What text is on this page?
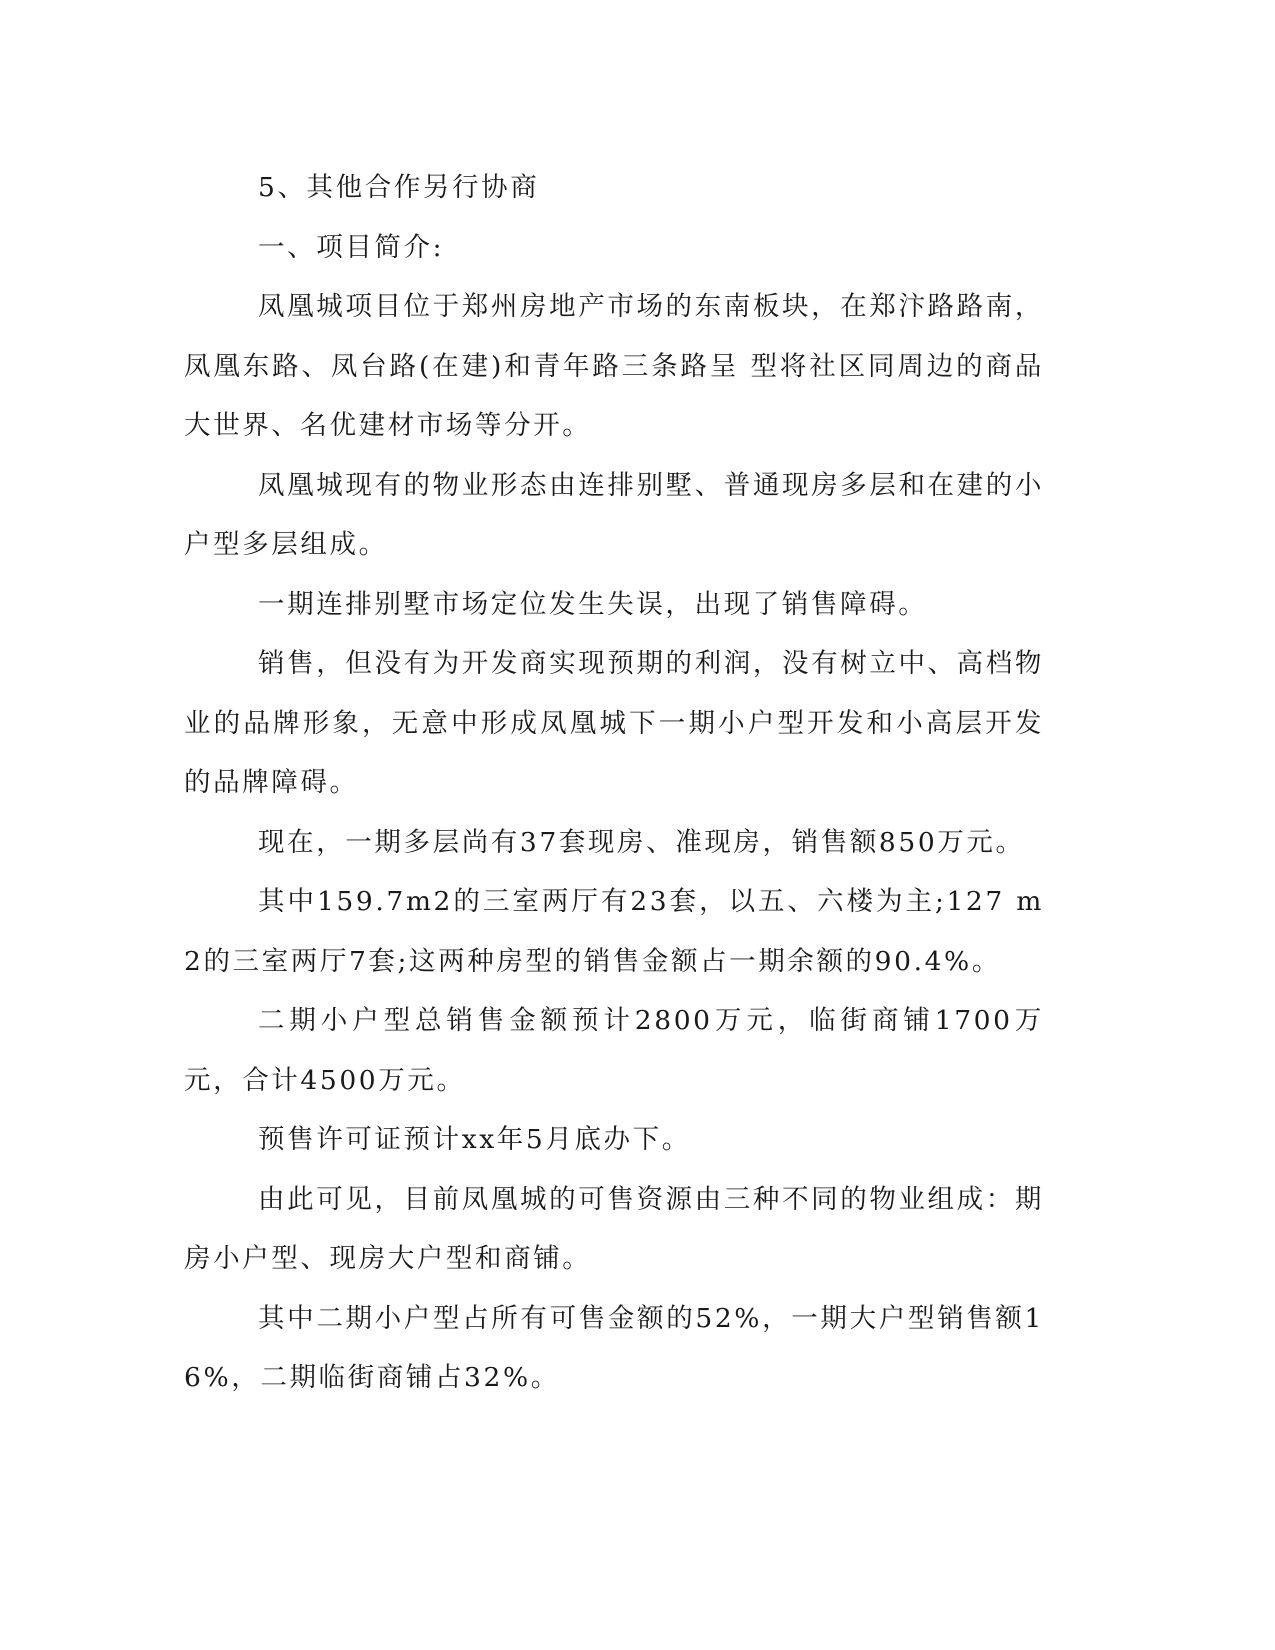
5、其他合作另行协商

一、项目简介:

凤凰城项目位于郑州房地产市场的东南板块，在郑汴路路南，凤凰东路、凤台路(在建)和青年路三条路呈 型将社区同周边的商品大世界、名优建材市场等分开。

凤凰城现有的物业形态由连排别墅、普通现房多层和在建的小户型多层组成。

一期连排别墅市场定位发生失误，出现了销售障碍。

销售，但没有为开发商实现预期的利润，没有树立中、高档物业的品牌形象，无意中形成凤凰城下一期小户型开发和小高层开发的品牌障碍。

现在，一期多层尚有37套现房、准现房，销售额850万元。

其中159.7m2的三室两厅有23套，以五、六楼为主;127 m2的三室两厅7套;这两种房型的销售金额占一期余额的90.4%。

二期小户型总销售金额预计2800万元，临街商铺1700万元，合计4500万元。

预售许可证预计xx年5月底办下。

由此可见，目前凤凰城的可售资源由三种不同的物业组成：期房小户型、现房大户型和商铺。

其中二期小户型占所有可售金额的52%，一期大户型销售额16%，二期临街商铺占32%。
